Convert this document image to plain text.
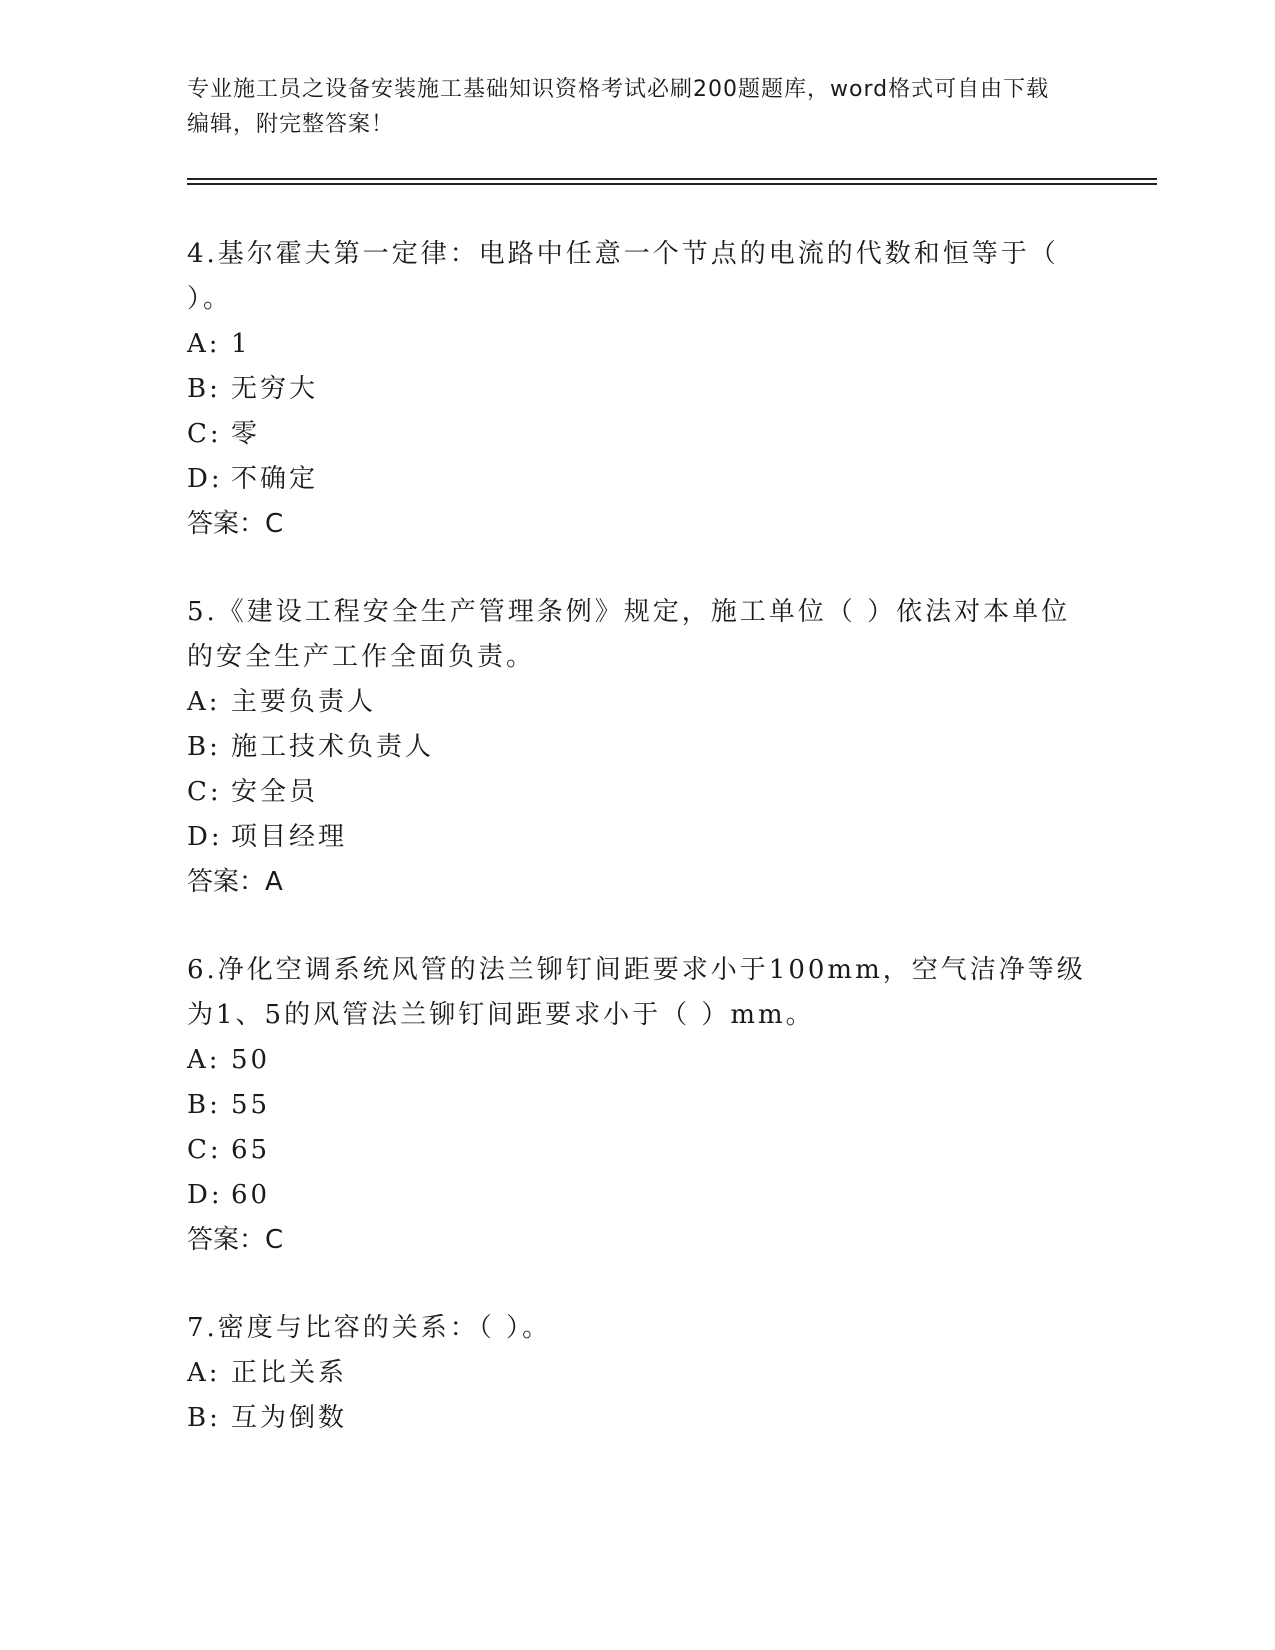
专业施工员之设备安装施工基础知识资格考试必刷200题题库，word格式可自由下载编辑，附完整答案！
4.基尔霍夫第一定律：电路中任意一个节点的电流的代数和恒等于（ ）。
A: 1
B: 无穷大
C: 零
D: 不确定
答案：C
5.《建设工程安全生产管理条例》规定，施工单位（ ）依法对本单位的安全生产工作全面负责。
A: 主要负责人
B: 施工技术负责人
C: 安全员
D: 项目经理
答案：A
6.净化空调系统风管的法兰铆钉间距要求小于100mm，空气洁净等级为1、5的风管法兰铆钉间距要求小于（ ）mm。
A: 50
B: 55
C: 65
D: 60
答案：C
7.密度与比容的关系：（ ）。
A: 正比关系
B: 互为倒数
